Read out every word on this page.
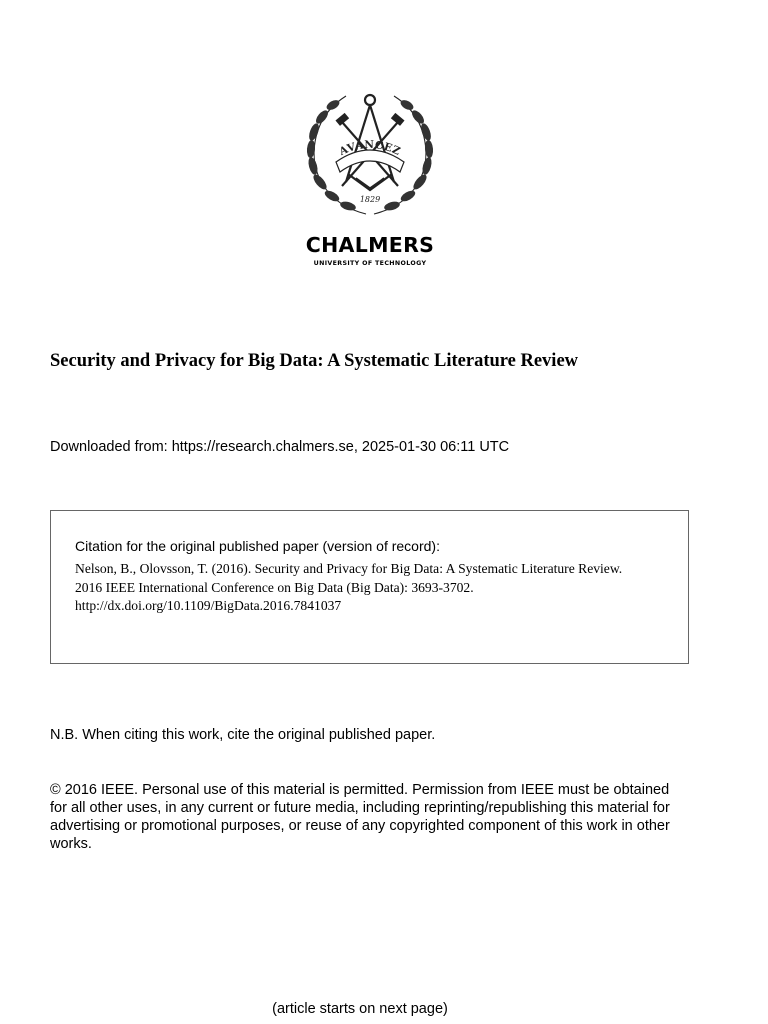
AVANCEZ
1829
CHALMERS
UNIVERSITY OF TECHNOLOGY
Security and Privacy for Big Data: A Systematic Literature Review
Downloaded from: https://research.chalmers.se, 2025-01-30 06:11 UTC
Citation for the original published paper (version of record):
Nelson, B., Olovsson, T. (2016). Security and Privacy for Big Data: A Systematic Literature Review.
2016 IEEE International Conference on Big Data (Big Data): 3693-3702.
http://dx.doi.org/10.1109/BigData.2016.7841037
N.B. When citing this work, cite the original published paper.
© 2016 IEEE. Personal use of this material is permitted. Permission from IEEE must be obtained
for all other uses, in any current or future media, including reprinting/republishing this material for
advertising or promotional purposes, or reuse of any copyrighted component of this work in other
works.
(article starts on next page)
